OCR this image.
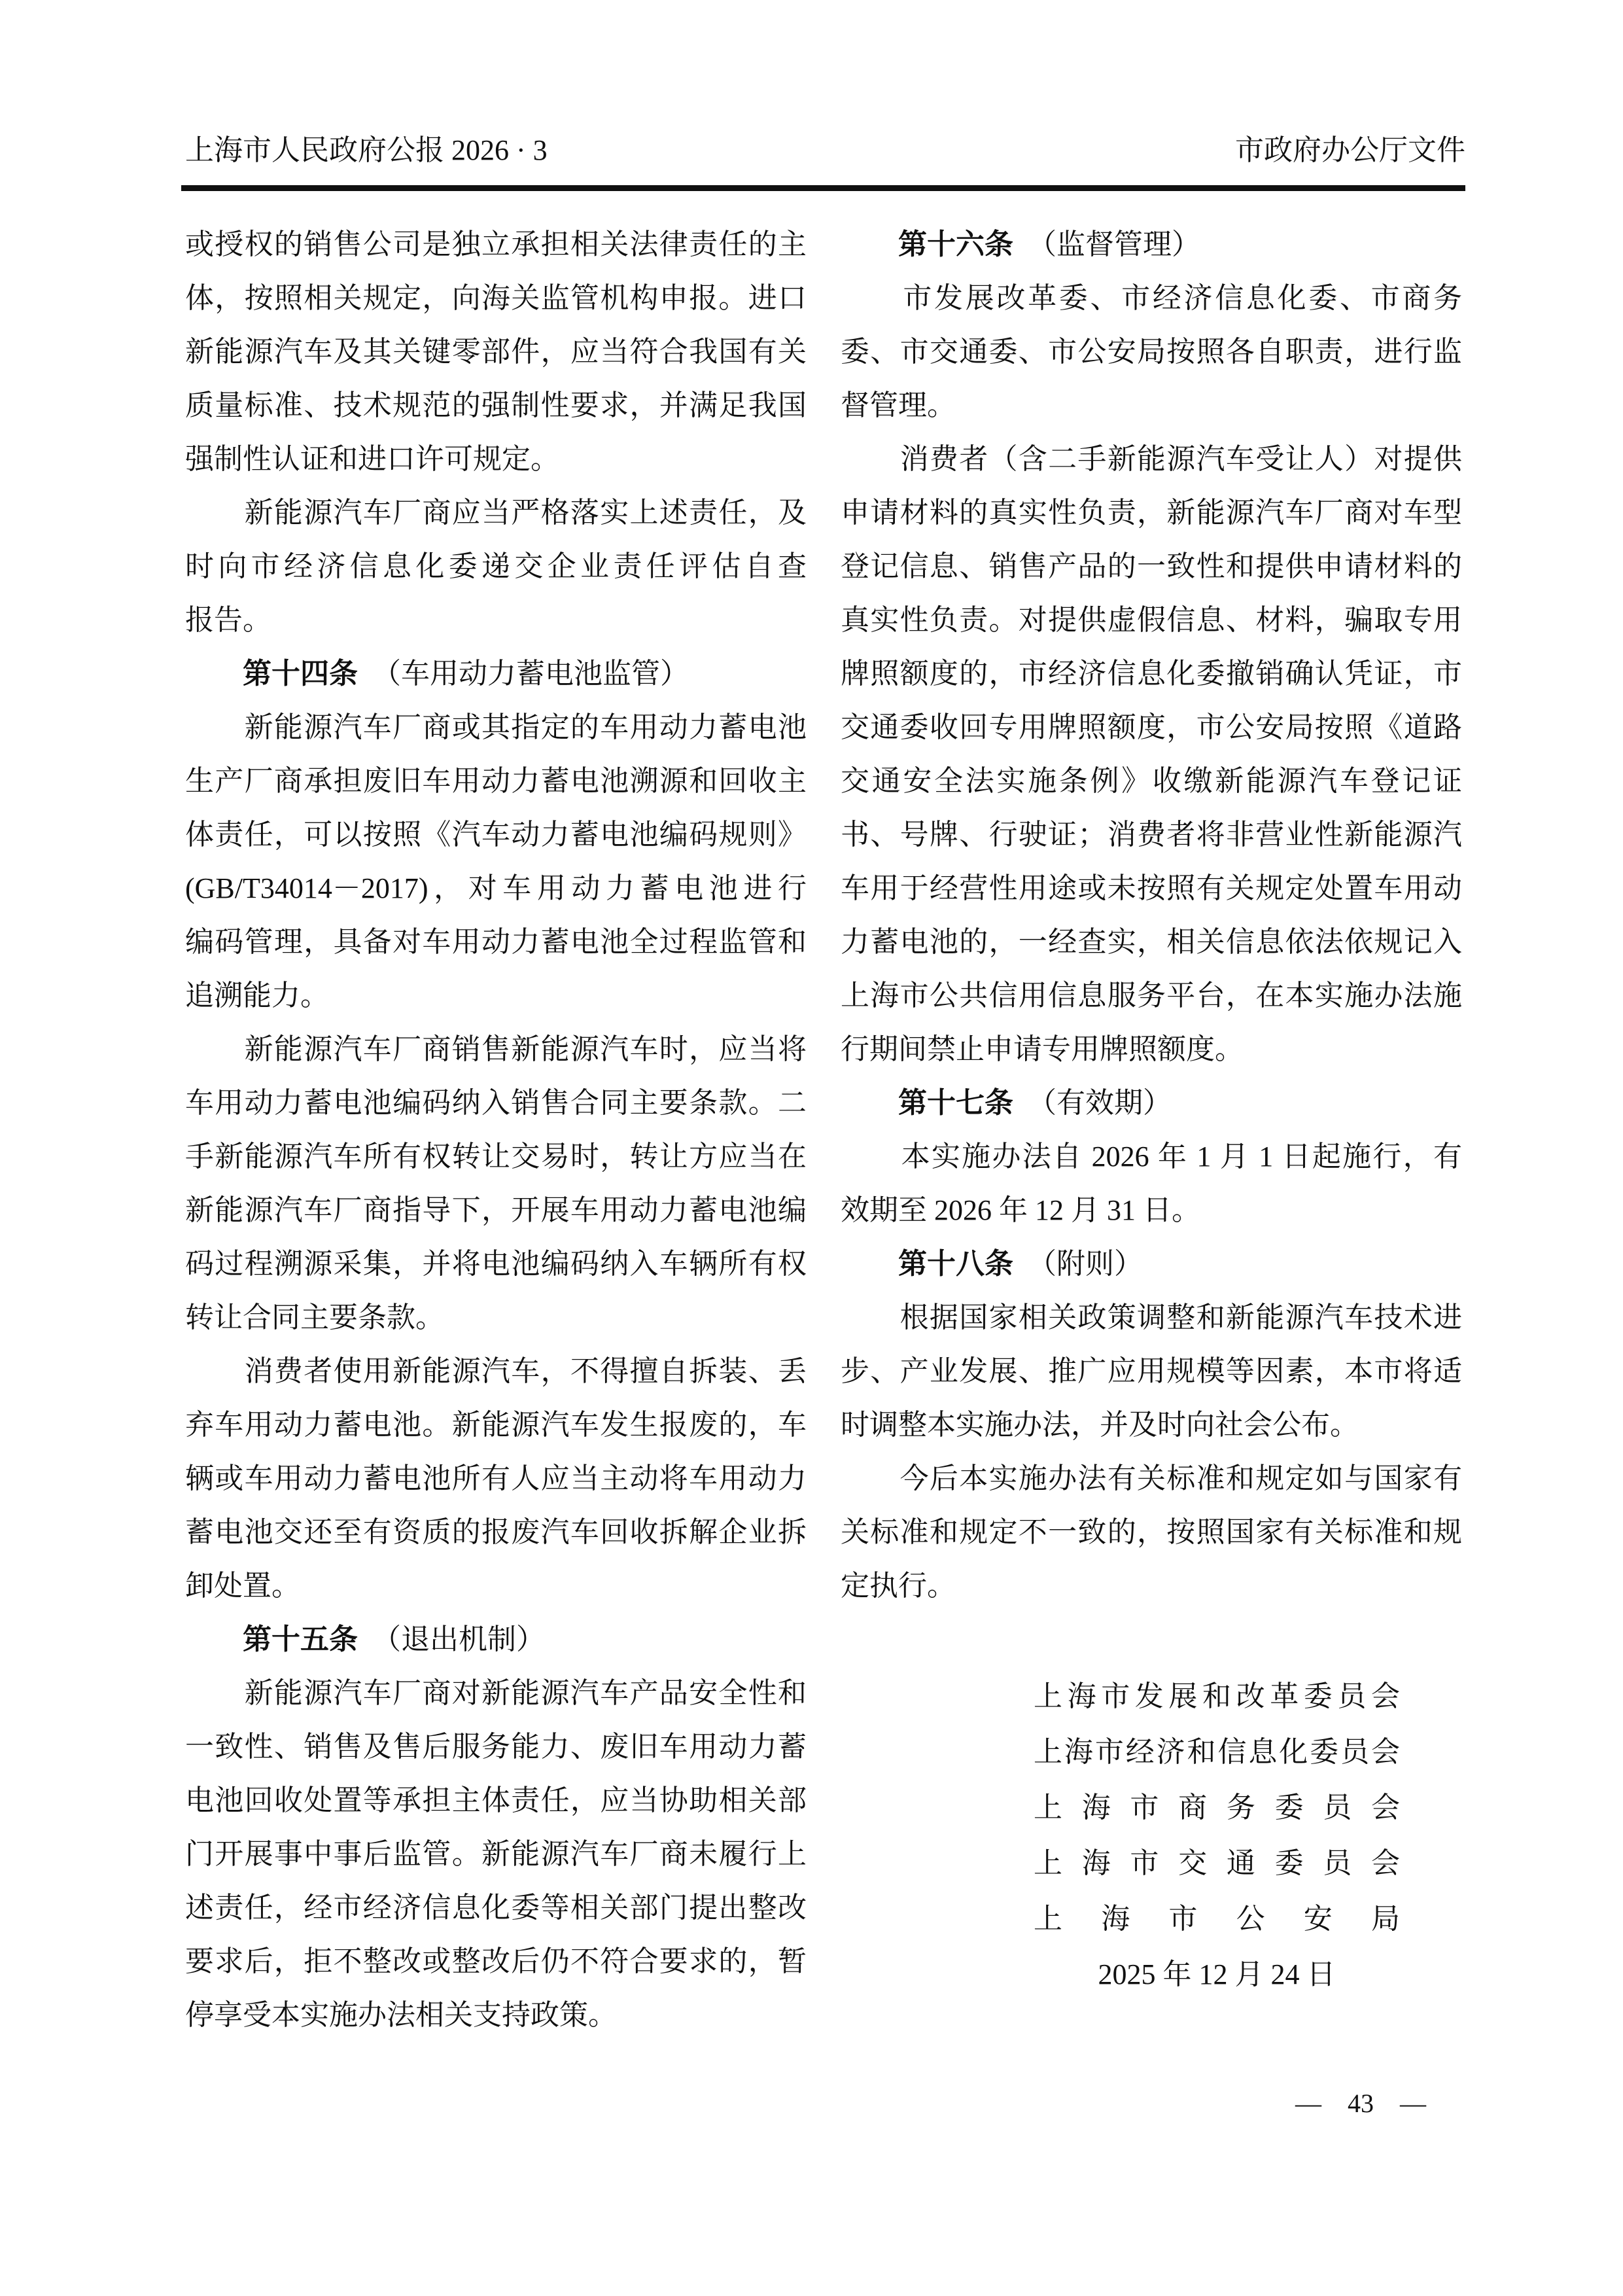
上海市人民政府公报 2026 · 3	市政府办公厅文件
或授权的销售公司是独立承担相关法律责任的主
体，按照相关规定，向海关监管机构申报。进口
新能源汽车及其关键零部件，应当符合我国有关
质量标准、技术规范的强制性要求，并满足我国
强制性认证和进口许可规定。
　　新能源汽车厂商应当严格落实上述责任，及
时向市经济信息化委递交企业责任评估自查
报告。
　　第十四条　（车用动力蓄电池监管）
　　新能源汽车厂商或其指定的车用动力蓄电池
生产厂商承担废旧车用动力蓄电池溯源和回收主
体责任，可以按照《汽车动力蓄电池编码规则》
(GB/T34014－2017)，对车用动力蓄电池进行
编码管理，具备对车用动力蓄电池全过程监管和
追溯能力。
　　新能源汽车厂商销售新能源汽车时，应当将
车用动力蓄电池编码纳入销售合同主要条款。二
手新能源汽车所有权转让交易时，转让方应当在
新能源汽车厂商指导下，开展车用动力蓄电池编
码过程溯源采集，并将电池编码纳入车辆所有权
转让合同主要条款。
　　消费者使用新能源汽车，不得擅自拆装、丢
弃车用动力蓄电池。新能源汽车发生报废的，车
辆或车用动力蓄电池所有人应当主动将车用动力
蓄电池交还至有资质的报废汽车回收拆解企业拆
卸处置。
　　第十五条　（退出机制）
　　新能源汽车厂商对新能源汽车产品安全性和
一致性、销售及售后服务能力、废旧车用动力蓄
电池回收处置等承担主体责任，应当协助相关部
门开展事中事后监管。新能源汽车厂商未履行上
述责任，经市经济信息化委等相关部门提出整改
要求后，拒不整改或整改后仍不符合要求的，暂
停享受本实施办法相关支持政策。
　　第十六条　（监督管理）
　　市发展改革委、市经济信息化委、市商务
委、市交通委、市公安局按照各自职责，进行监
督管理。
　　消费者（含二手新能源汽车受让人）对提供
申请材料的真实性负责，新能源汽车厂商对车型
登记信息、销售产品的一致性和提供申请材料的
真实性负责。对提供虚假信息、材料，骗取专用
牌照额度的，市经济信息化委撤销确认凭证，市
交通委收回专用牌照额度，市公安局按照《道路
交通安全法实施条例》收缴新能源汽车登记证
书、号牌、行驶证；消费者将非营业性新能源汽
车用于经营性用途或未按照有关规定处置车用动
力蓄电池的，一经查实，相关信息依法依规记入
上海市公共信用信息服务平台，在本实施办法施
行期间禁止申请专用牌照额度。
　　第十七条　（有效期）
　　本实施办法自 2026 年 1 月 1 日起施行，有
效期至 2026 年 12 月 31 日。
　　第十八条　（附则）
　　根据国家相关政策调整和新能源汽车技术进
步、产业发展、推广应用规模等因素，本市将适
时调整本实施办法，并及时向社会公布。
　　今后本实施办法有关标准和规定如与国家有
关标准和规定不一致的，按照国家有关标准和规
定执行。
上海市发展和改革委员会
上海市经济和信息化委员会
上海市商务委员会
上海市交通委员会
上海市公安局
2025 年 12 月 24 日
—　43　—
